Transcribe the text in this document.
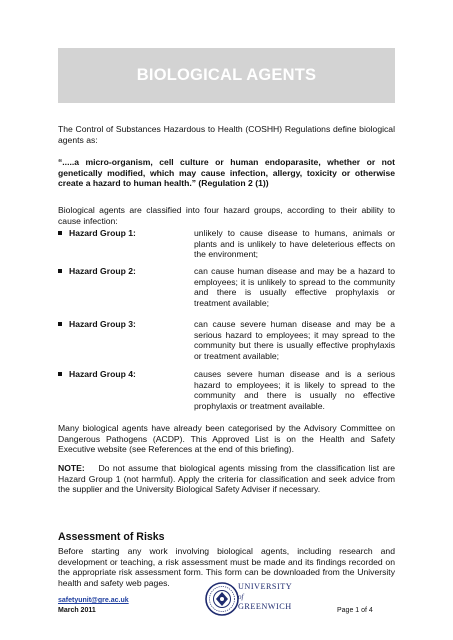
BIOLOGICAL AGENTS

The Control of Substances Hazardous to Health (COSHH) Regulations define biological agents as:

“.....a micro-organism, cell culture or human endoparasite, whether or not genetically modified, which may cause infection, allergy, toxicity or otherwise create a hazard to human health.” (Regulation 2 (1))

Biological agents are classified into four hazard groups, according to their ability to cause infection:

Hazard Group 1:	unlikely to cause disease to humans, animals or plants and is unlikely to have deleterious effects on the environment;
Hazard Group 2:	can cause human disease and may be a hazard to employees; it is unlikely to spread to the community and there is usually effective prophylaxis or treatment available;
Hazard Group 3:	can cause severe human disease and may be a serious hazard to employees; it may spread to the community but there is usually effective prophylaxis or treatment available;
Hazard Group 4:	causes severe human disease and is a serious hazard to employees; it is likely to spread to the community and there is usually no effective prophylaxis or treatment available.

Many biological agents have already been categorised by the Advisory Committee on Dangerous Pathogens (ACDP). This Approved List is on the Health and Safety Executive website (see References at the end of this briefing).

NOTE: Do not assume that biological agents missing from the classification list are Hazard Group 1 (not harmful). Apply the criteria for classification and seek advice from the supplier and the University Biological Safety Adviser if necessary.

Assessment of Risks

Before starting any work involving biological agents, including research and development or teaching, a risk assessment must be made and its findings recorded on the appropriate risk assessment form. This form can be downloaded from the University health and safety web pages.

safetyunit@gre.ac.uk
March 2011	Page 1 of 4
UNIVERSITY
of
GREENWICH
